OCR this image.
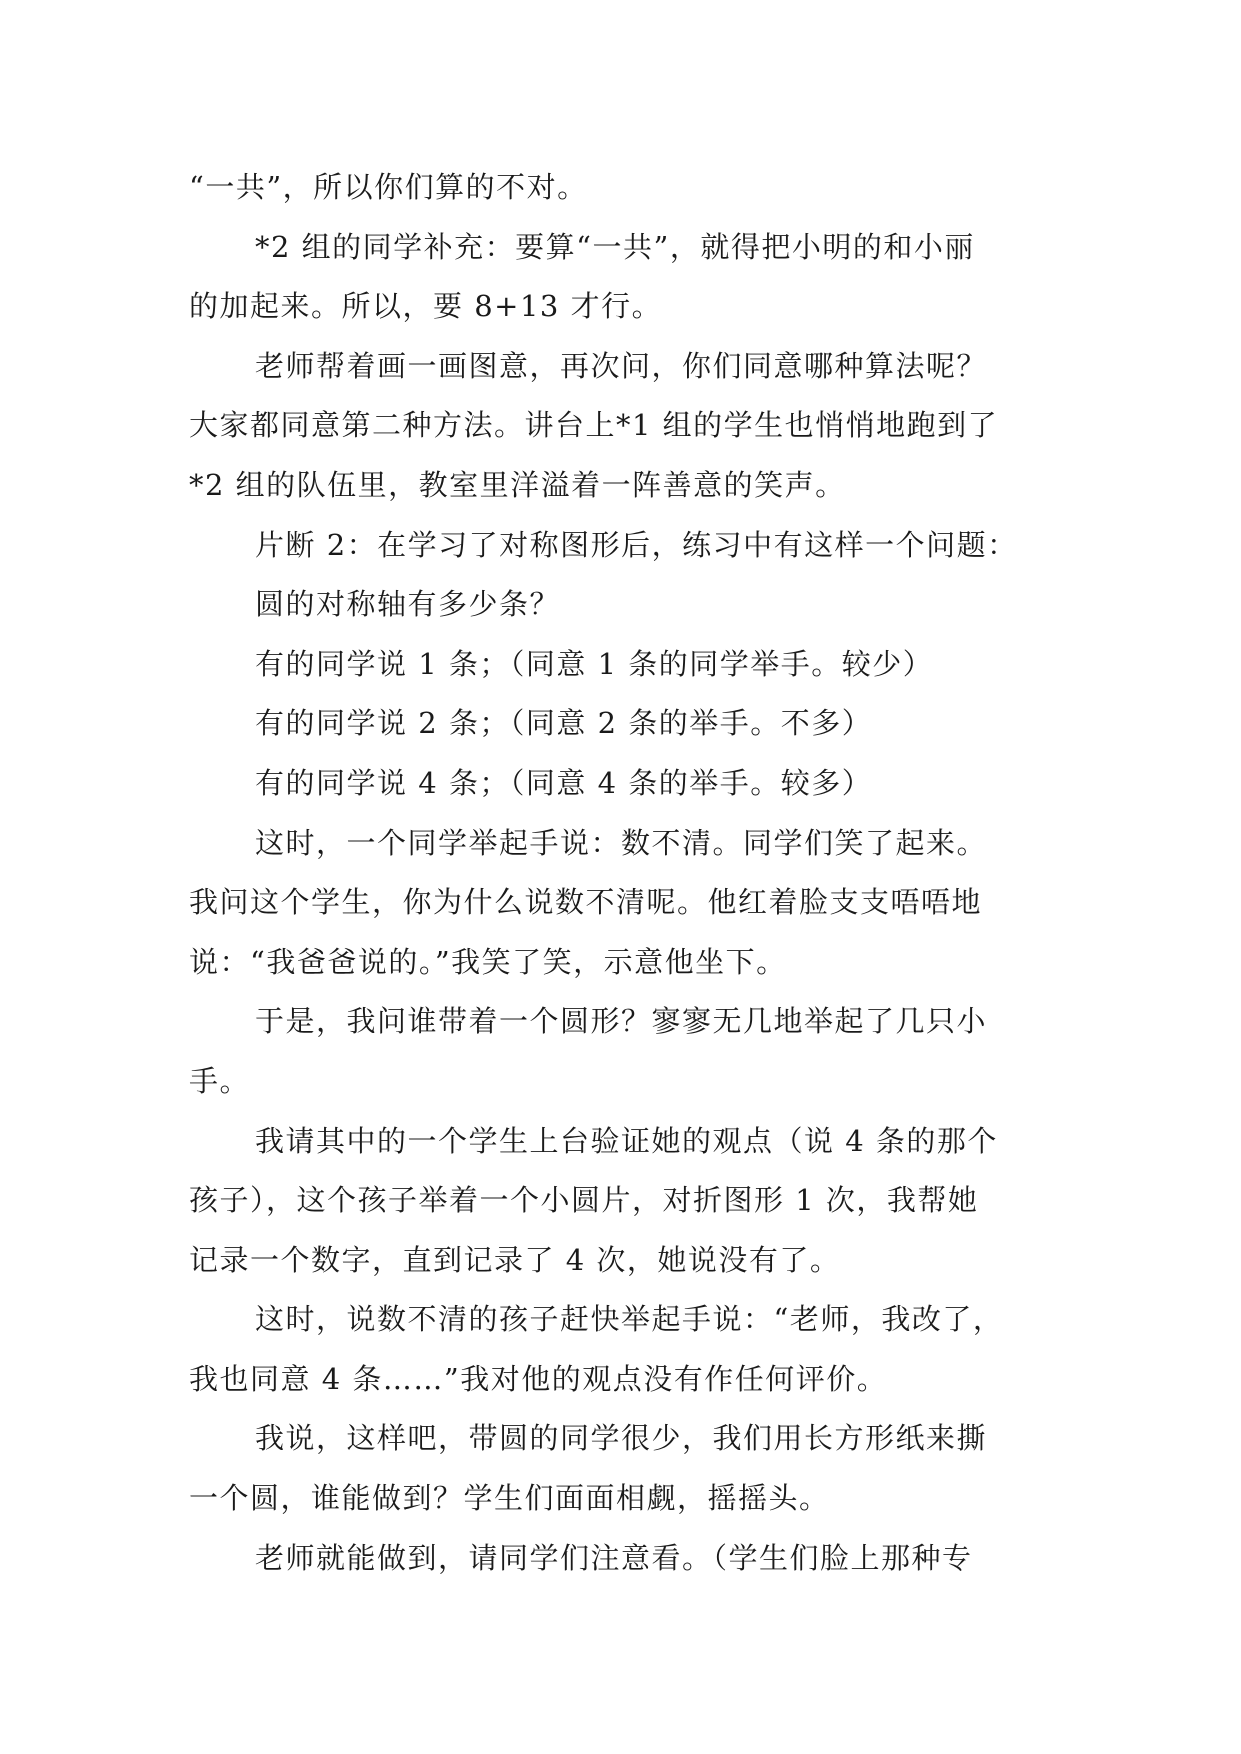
“一共”，所以你们算的不对。
*2 组的同学补充：要算“一共”，就得把小明的和小丽
的加起来。所以，要 8+13 才行。
老师帮着画一画图意，再次问，你们同意哪种算法呢？
大家都同意第二种方法。讲台上*1 组的学生也悄悄地跑到了
*2 组的队伍里，教室里洋溢着一阵善意的笑声。
片断 2：在学习了对称图形后，练习中有这样一个问题：
圆的对称轴有多少条？
有的同学说 1 条；（同意 1 条的同学举手。较少）
有的同学说 2 条；（同意 2 条的举手。不多）
有的同学说 4 条；（同意 4 条的举手。较多）
这时，一个同学举起手说：数不清。同学们笑了起来。
我问这个学生，你为什么说数不清呢。他红着脸支支唔唔地
说：“我爸爸说的。”我笑了笑，示意他坐下。
于是，我问谁带着一个圆形？寥寥无几地举起了几只小
手。
我请其中的一个学生上台验证她的观点（说 4 条的那个
孩子），这个孩子举着一个小圆片，对折图形 1 次，我帮她
记录一个数字，直到记录了 4 次，她说没有了。
这时，说数不清的孩子赶快举起手说：“老师，我改了，
我也同意 4 条……”我对他的观点没有作任何评价。
我说，这样吧，带圆的同学很少，我们用长方形纸来撕
一个圆，谁能做到？学生们面面相觑，摇摇头。
老师就能做到，请同学们注意看。（学生们脸上那种专
